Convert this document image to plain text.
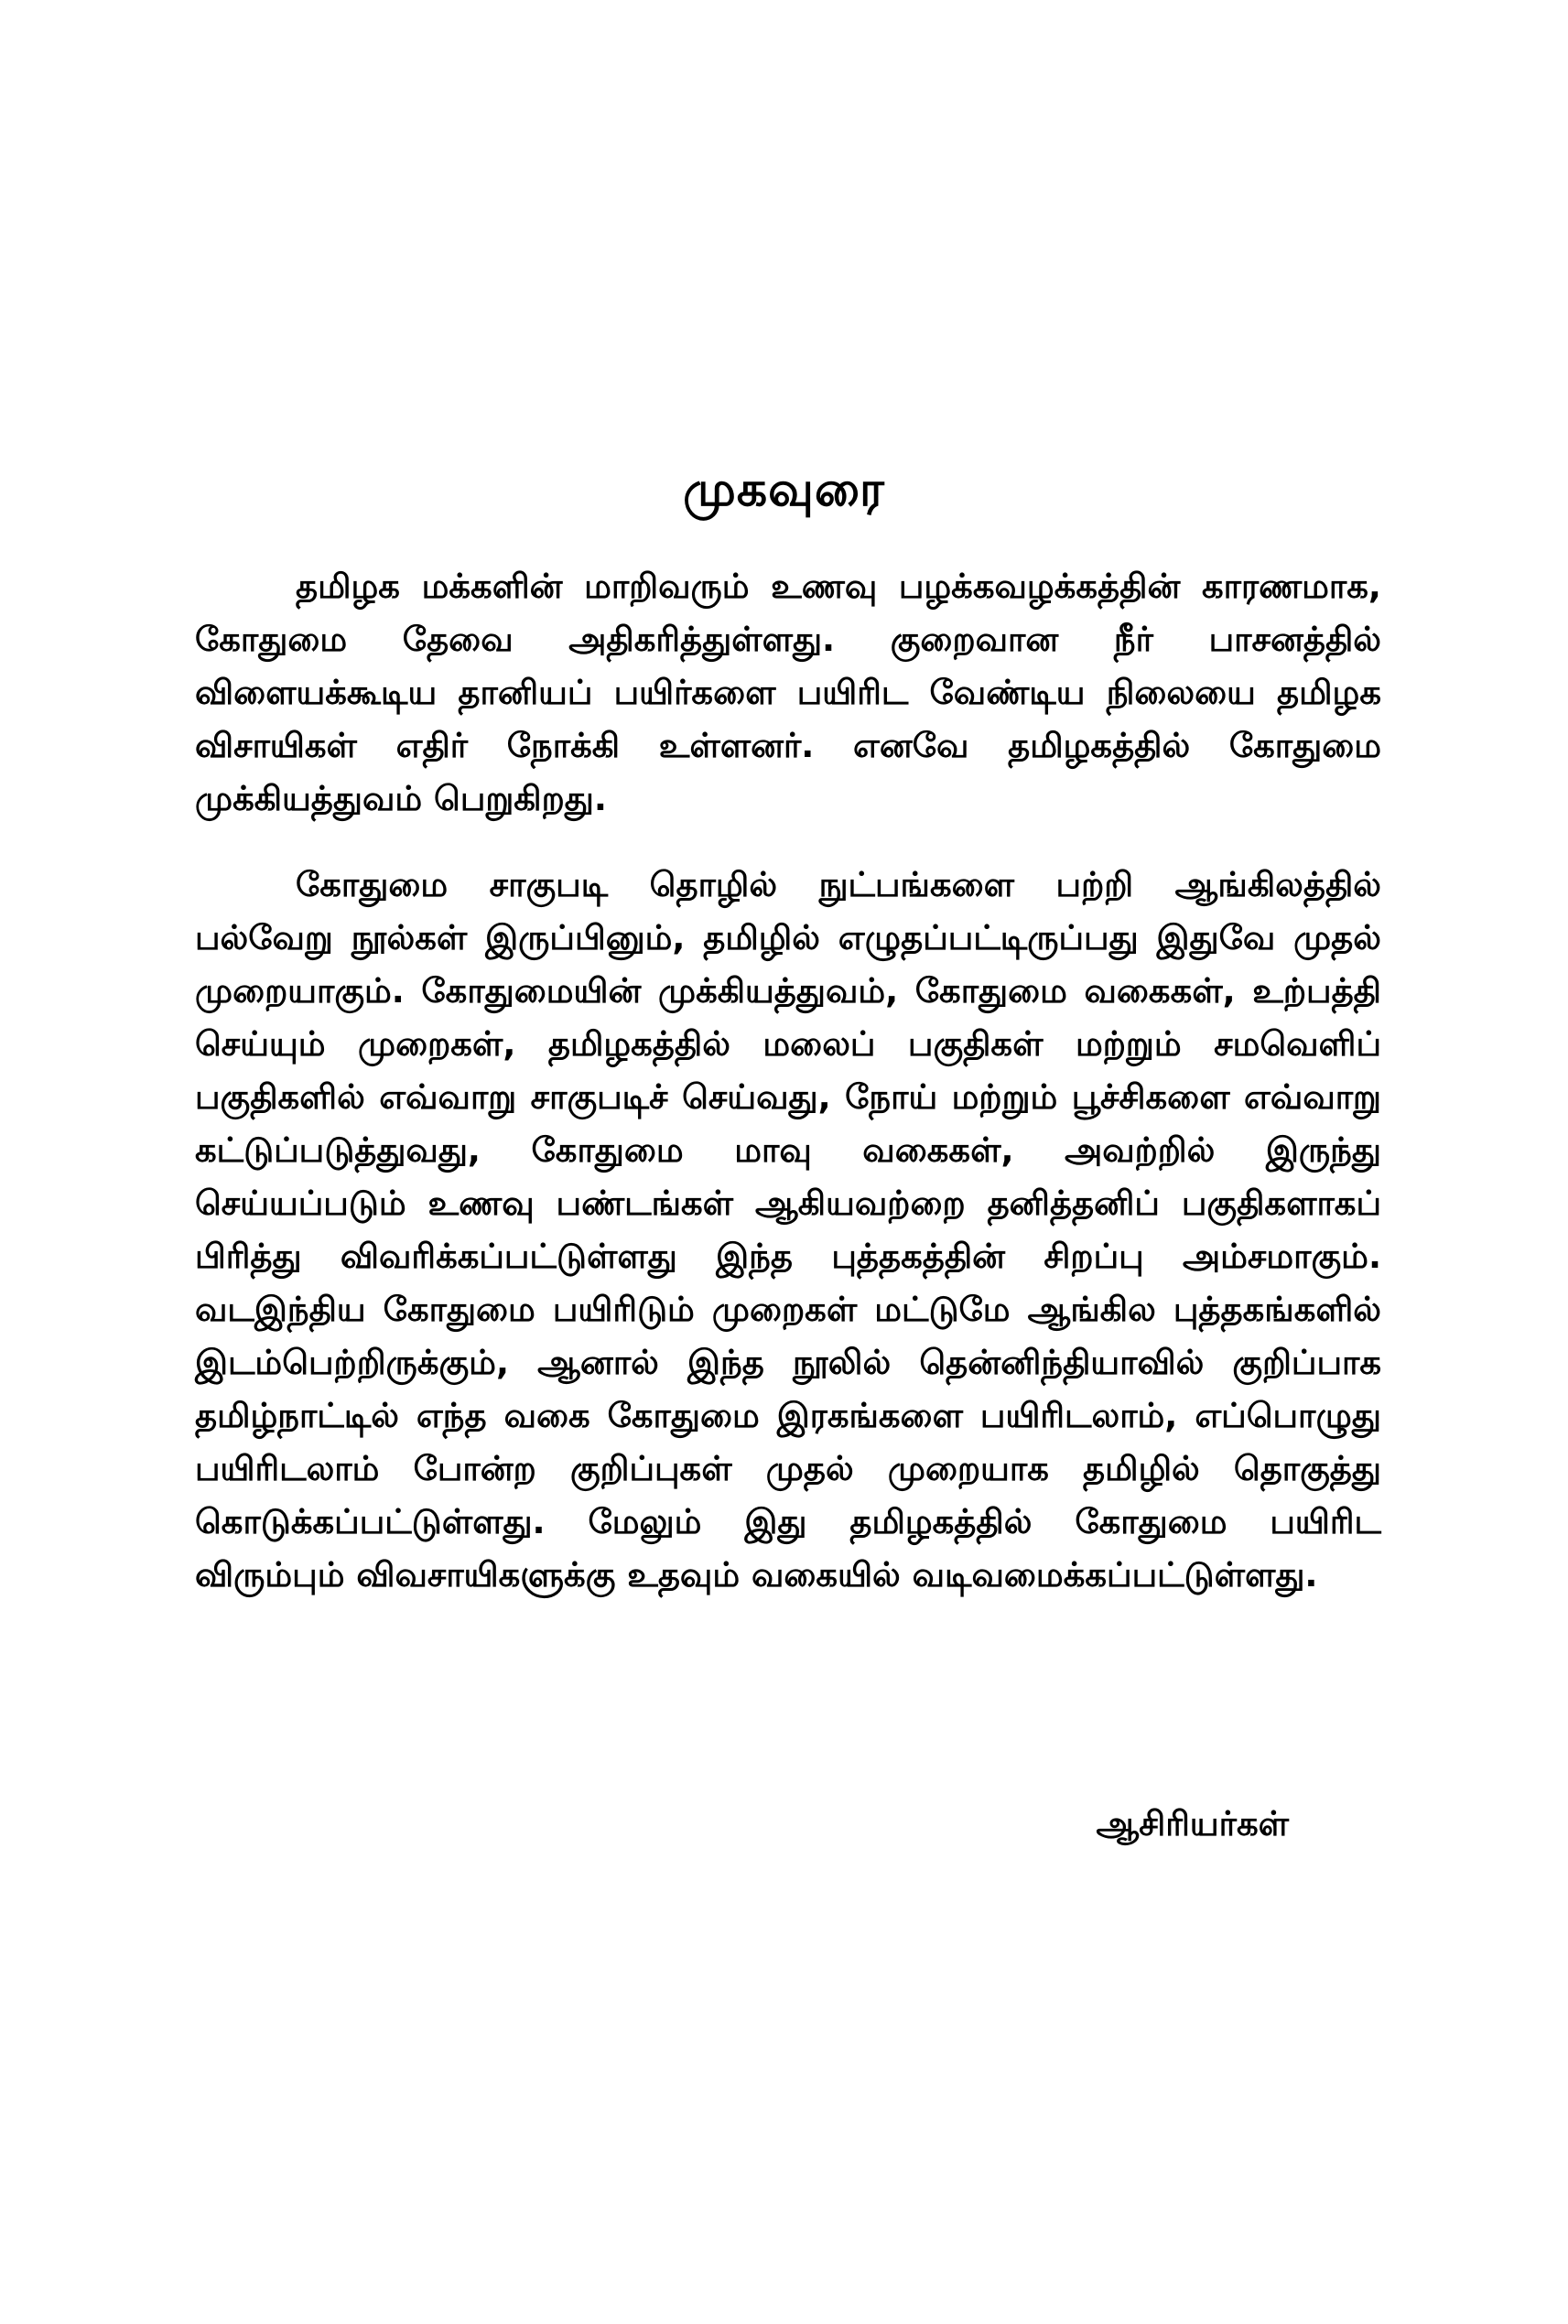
முகவுரை

தமிழக மக்களின் மாறிவரும் உணவு பழக்கவழக்கத்தின் காரணமாக, கோதுமை தேவை அதிகரித்துள்ளது. குறைவான நீர் பாசனத்தில் விளையக்கூடிய தானியப் பயிர்களை பயிரிட வேண்டிய நிலையை தமிழக விசாயிகள் எதிர் நோக்கி உள்ளனர். எனவே தமிழகத்தில் கோதுமை முக்கியத்துவம் பெறுகிறது.

கோதுமை சாகுபடி தொழில் நுட்பங்களை பற்றி ஆங்கிலத்தில் பல்வேறு நூல்கள் இருப்பினும், தமிழில் எழுதப்பட்டிருப்பது இதுவே முதல் முறையாகும். கோதுமையின் முக்கியத்துவம், கோதுமை வகைகள், உற்பத்தி செய்யும் முறைகள், தமிழகத்தில் மலைப் பகுதிகள் மற்றும் சமவெளிப் பகுதிகளில் எவ்வாறு சாகுபடிச் செய்வது, நோய் மற்றும் பூச்சிகளை எவ்வாறு கட்டுப்படுத்துவது, கோதுமை மாவு வகைகள், அவற்றில் இருந்து செய்யப்படும் உணவு பண்டங்கள் ஆகியவற்றை தனித்தனிப் பகுதிகளாகப் பிரித்து விவரிக்கப்பட்டுள்ளது இந்த புத்தகத்தின் சிறப்பு அம்சமாகும். வடஇந்திய கோதுமை பயிரிடும் முறைகள் மட்டுமே ஆங்கில புத்தகங்களில் இடம்பெற்றிருக்கும், ஆனால் இந்த நூலில் தென்னிந்தியாவில் குறிப்பாக தமிழ்நாட்டில் எந்த வகை கோதுமை இரகங்களை பயிரிடலாம், எப்பொழுது பயிரிடலாம் போன்ற குறிப்புகள் முதல் முறையாக தமிழில் தொகுத்து கொடுக்கப்பட்டுள்ளது. மேலும் இது தமிழகத்தில் கோதுமை பயிரிட விரும்பும் விவசாயிகளுக்கு உதவும் வகையில் வடிவமைக்கப்பட்டுள்ளது.

ஆசிரியர்கள்
